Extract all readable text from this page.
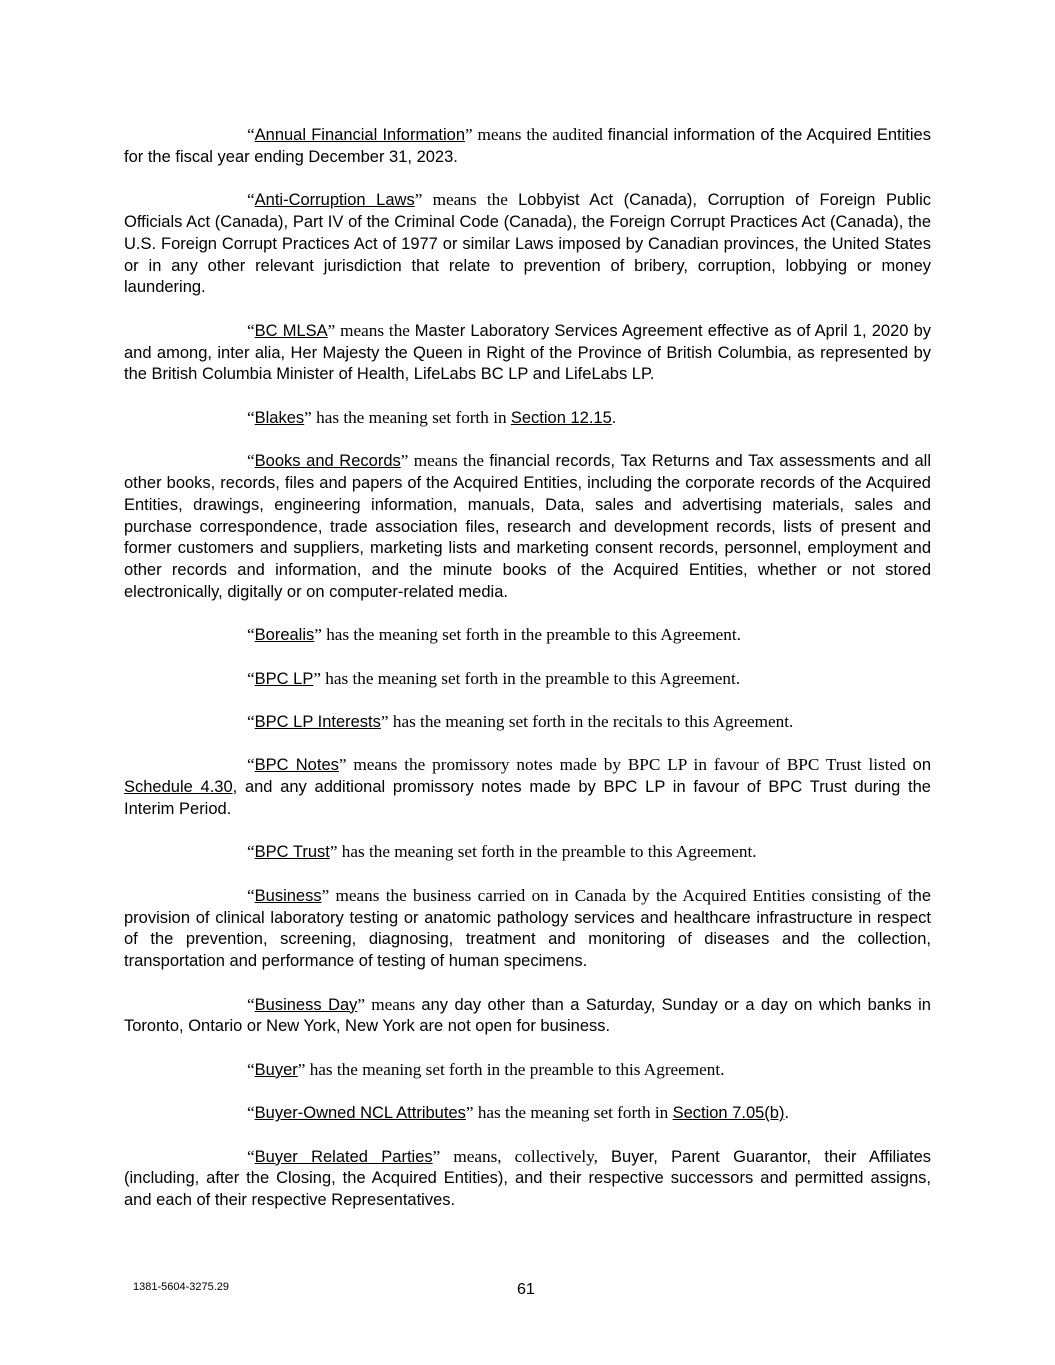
“Annual Financial Information” means the audited financial information of the Acquired Entities for the fiscal year ending December 31, 2023.

“Anti-Corruption Laws” means the Lobbyist Act (Canada), Corruption of Foreign Public Officials Act (Canada), Part IV of the Criminal Code (Canada), the Foreign Corrupt Practices Act (Canada), the U.S. Foreign Corrupt Practices Act of 1977 or similar Laws imposed by Canadian provinces, the United States or in any other relevant jurisdiction that relate to prevention of bribery, corruption, lobbying or money laundering.

“BC MLSA” means the Master Laboratory Services Agreement effective as of April 1, 2020 by and among, inter alia, Her Majesty the Queen in Right of the Province of British Columbia, as represented by the British Columbia Minister of Health, LifeLabs BC LP and LifeLabs LP.

“Blakes” has the meaning set forth in Section 12.15.

“Books and Records” means the financial records, Tax Returns and Tax assessments and all other books, records, files and papers of the Acquired Entities, including the corporate records of the Acquired Entities, drawings, engineering information, manuals, Data, sales and advertising materials, sales and purchase correspondence, trade association files, research and development records, lists of present and former customers and suppliers, marketing lists and marketing consent records, personnel, employment and other records and information, and the minute books of the Acquired Entities, whether or not stored electronically, digitally or on computer-related media.

“Borealis” has the meaning set forth in the preamble to this Agreement.

“BPC LP” has the meaning set forth in the preamble to this Agreement.

“BPC LP Interests” has the meaning set forth in the recitals to this Agreement.

“BPC Notes” means the promissory notes made by BPC LP in favour of BPC Trust listed on Schedule 4.30, and any additional promissory notes made by BPC LP in favour of BPC Trust during the Interim Period.

“BPC Trust” has the meaning set forth in the preamble to this Agreement.

“Business” means the business carried on in Canada by the Acquired Entities consisting of the provision of clinical laboratory testing or anatomic pathology services and healthcare infrastructure in respect of the prevention, screening, diagnosing, treatment and monitoring of diseases and the collection, transportation and performance of testing of human specimens.

“Business Day” means any day other than a Saturday, Sunday or a day on which banks in Toronto, Ontario or New York, New York are not open for business.

“Buyer” has the meaning set forth in the preamble to this Agreement.

“Buyer-Owned NCL Attributes” has the meaning set forth in Section 7.05(b).

“Buyer Related Parties” means, collectively, Buyer, Parent Guarantor, their Affiliates (including, after the Closing, the Acquired Entities), and their respective successors and permitted assigns, and each of their respective Representatives.

1381-5604-3275.29	61
